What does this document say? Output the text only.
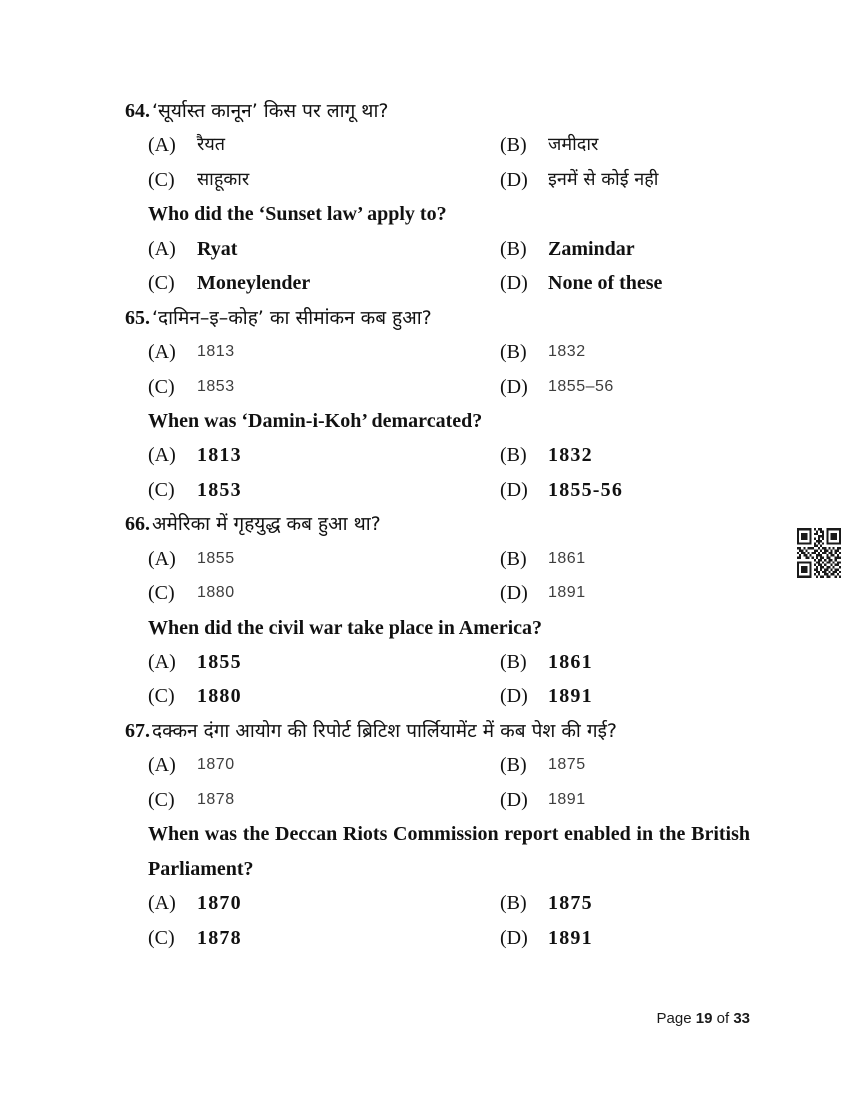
64. ‘सूर्यास्त कानून’ किस पर लागू था?
(A) रैयत	(B) जमीदार
(C) साहूकार	(D) इनमें से कोई नही
Who did the ‘Sunset law’ apply to?
(A) Ryat	(B) Zamindar
(C) Moneylender	(D) None of these
65. ‘दामिन–इ–कोह’ का सीमांकन कब हुआ?
(A) 1813	(B) 1832
(C) 1853	(D) 1855–56
When was ‘Damin-i-Koh’ demarcated?
(A) 1813	(B) 1832
(C) 1853	(D) 1855-56
66. अमेरिका में गृहयुद्ध कब हुआ था?
(A) 1855	(B) 1861
(C) 1880	(D) 1891
When did the civil war take place in America?
(A) 1855	(B) 1861
(C) 1880	(D) 1891
67. दक्कन दंगा आयोग की रिपोर्ट ब्रिटिश पार्लियामेंट में कब पेश की गई?
(A) 1870	(B) 1875
(C) 1878	(D) 1891
When was the Deccan Riots Commission report enabled in the British
Parliament?
(A) 1870	(B) 1875
(C) 1878	(D) 1891
Page 19 of 33
